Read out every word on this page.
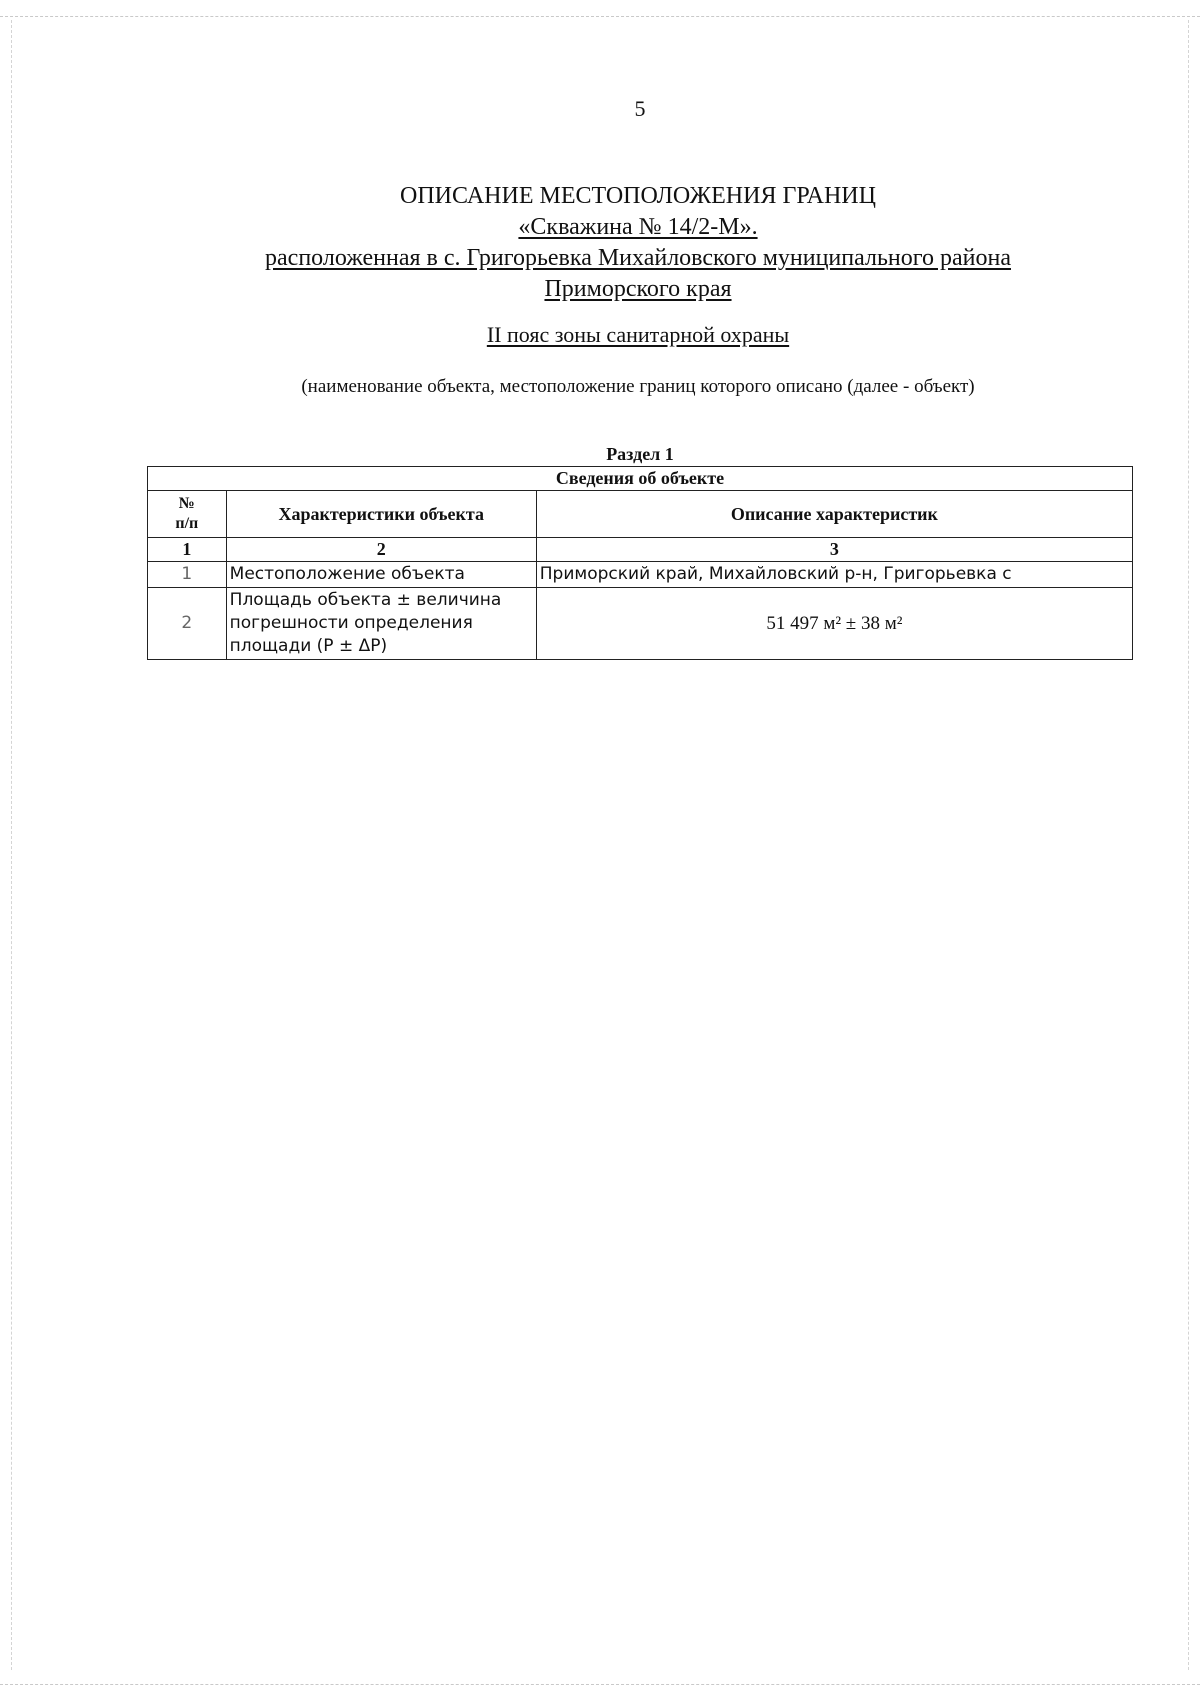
5
ОПИСАНИЕ МЕСТОПОЛОЖЕНИЯ ГРАНИЦ
«Скважина № 14/2-М».
расположенная в с. Григорьевка Михайловского муниципального района
Приморского края
II пояс зоны санитарной охраны
(наименование объекта, местоположение границ которого описано (далее - объект)
Раздел 1
Сведения об объекте		

№
п/п	Характеристики объекта	Описание характеристик
1	2	3
1	Местоположение объекта	Приморский край, Михайловский р-н, Григорьевка с
2	Площадь объекта ± величина
погрешности определения
площади (Р ± ΔР)	51 497 м² ± 38 м²
